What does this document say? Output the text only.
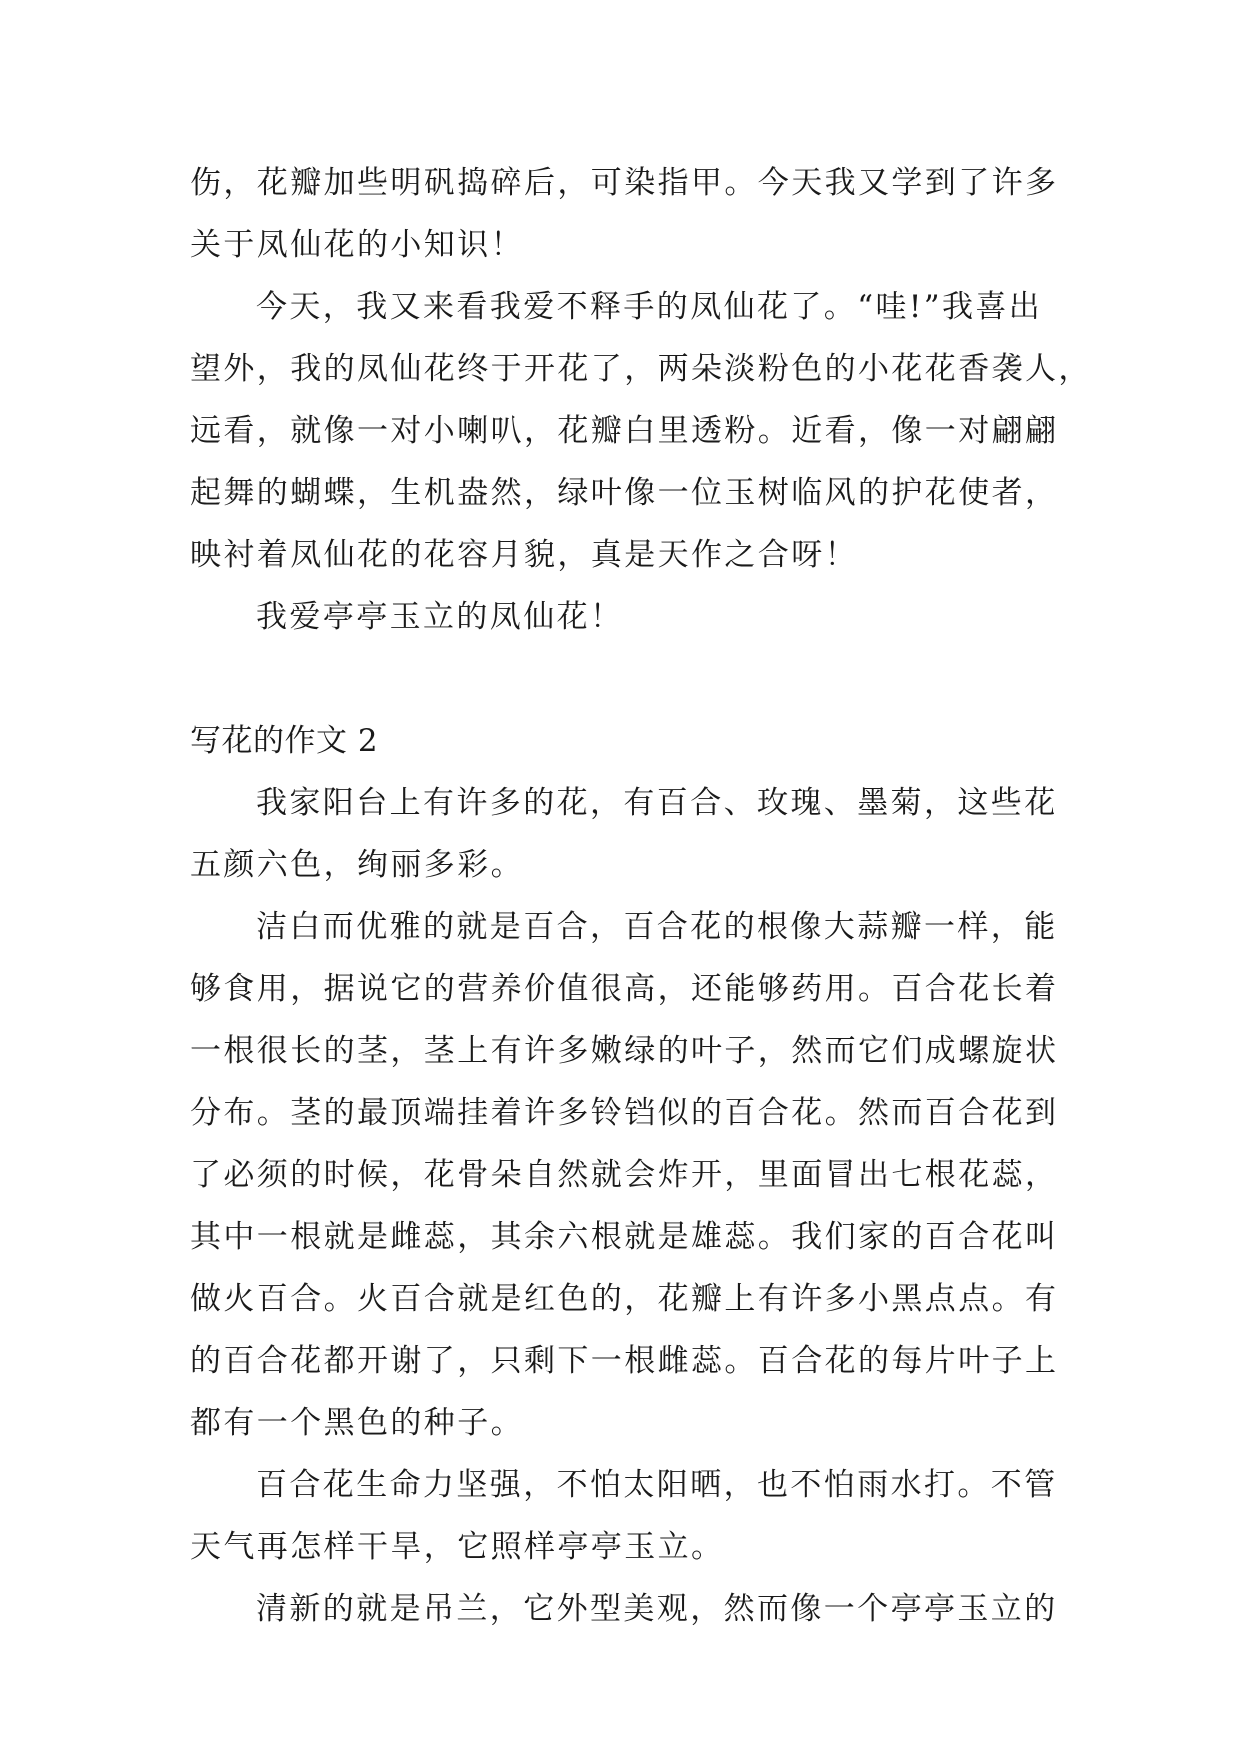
伤，花瓣加些明矾捣碎后，可染指甲。今天我又学到了许多
关于凤仙花的小知识！
今天，我又来看我爱不释手的凤仙花了。“哇!”我喜出
望外，我的凤仙花终于开花了，两朵淡粉色的小花花香袭人，
远看，就像一对小喇叭，花瓣白里透粉。近看，像一对翩翩
起舞的蝴蝶，生机盎然，绿叶像一位玉树临风的护花使者，
映衬着凤仙花的花容月貌，真是天作之合呀！
我爱亭亭玉立的凤仙花！
写花的作文 2
我家阳台上有许多的花，有百合、玫瑰、墨菊，这些花
五颜六色，绚丽多彩。
洁白而优雅的就是百合，百合花的根像大蒜瓣一样，能
够食用，据说它的营养价值很高，还能够药用。百合花长着
一根很长的茎，茎上有许多嫩绿的叶子，然而它们成螺旋状
分布。茎的最顶端挂着许多铃铛似的百合花。然而百合花到
了必须的时候，花骨朵自然就会炸开，里面冒出七根花蕊，
其中一根就是雌蕊，其余六根就是雄蕊。我们家的百合花叫
做火百合。火百合就是红色的，花瓣上有许多小黑点点。有
的百合花都开谢了，只剩下一根雌蕊。百合花的每片叶子上
都有一个黑色的种子。
百合花生命力坚强，不怕太阳晒，也不怕雨水打。不管
天气再怎样干旱，它照样亭亭玉立。
清新的就是吊兰，它外型美观，然而像一个亭亭玉立的
